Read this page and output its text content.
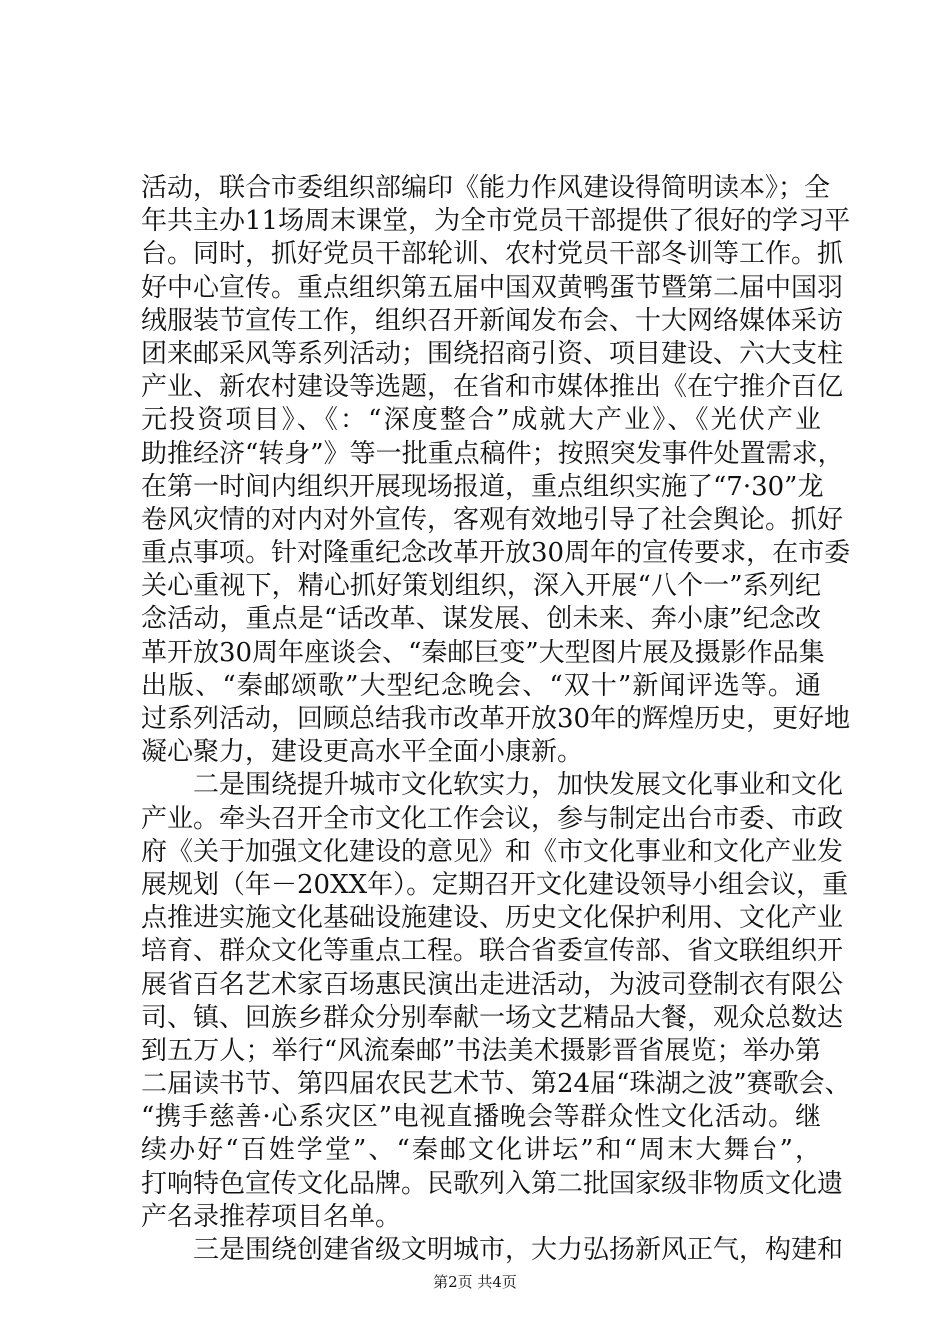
活动，联合市委组织部编印《能力作风建设得简明读本》；全
年共主办11场周末课堂，为全市党员干部提供了很好的学习平
台。同时，抓好党员干部轮训、农村党员干部冬训等工作。抓
好中心宣传。重点组织第五届中国双黄鸭蛋节暨第二届中国羽
绒服装节宣传工作，组织召开新闻发布会、十大网络媒体采访
团来邮采风等系列活动；围绕招商引资、项目建设、六大支柱
产业、新农村建设等选题，在省和市媒体推出《在宁推介百亿
元投资项目》、《：“深度整合”成就大产业》、《光伏产业
助推经济“转身”》等一批重点稿件；按照突发事件处置需求，
在第一时间内组织开展现场报道，重点组织实施了“7·30”龙
卷风灾情的对内对外宣传，客观有效地引导了社会舆论。抓好
重点事项。针对隆重纪念改革开放30周年的宣传要求，在市委
关心重视下，精心抓好策划组织，深入开展“八个一”系列纪
念活动，重点是“话改革、谋发展、创未来、奔小康”纪念改
革开放30周年座谈会、“秦邮巨变”大型图片展及摄影作品集
出版、“秦邮颂歌”大型纪念晚会、“双十”新闻评选等。通
过系列活动，回顾总结我市改革开放30年的辉煌历史，更好地
凝心聚力，建设更高水平全面小康新。
　　二是围绕提升城市文化软实力，加快发展文化事业和文化
产业。牵头召开全市文化工作会议，参与制定出台市委、市政
府《关于加强文化建设的意见》和《市文化事业和文化产业发
展规划（年－20XX年）。定期召开文化建设领导小组会议，重
点推进实施文化基础设施建设、历史文化保护利用、文化产业
培育、群众文化等重点工程。联合省委宣传部、省文联组织开
展省百名艺术家百场惠民演出走进活动，为波司登制衣有限公
司、镇、回族乡群众分别奉献一场文艺精品大餐，观众总数达
到五万人；举行“风流秦邮”书法美术摄影晋省展览；举办第
二届读书节、第四届农民艺术节、第24届“珠湖之波”赛歌会、
“携手慈善·心系灾区”电视直播晚会等群众性文化活动。继
续办好“百姓学堂”、“秦邮文化讲坛”和“周末大舞台”，
打响特色宣传文化品牌。民歌列入第二批国家级非物质文化遗
产名录推荐项目名单。
　　三是围绕创建省级文明城市，大力弘扬新风正气，构建和
第2页 共4页
